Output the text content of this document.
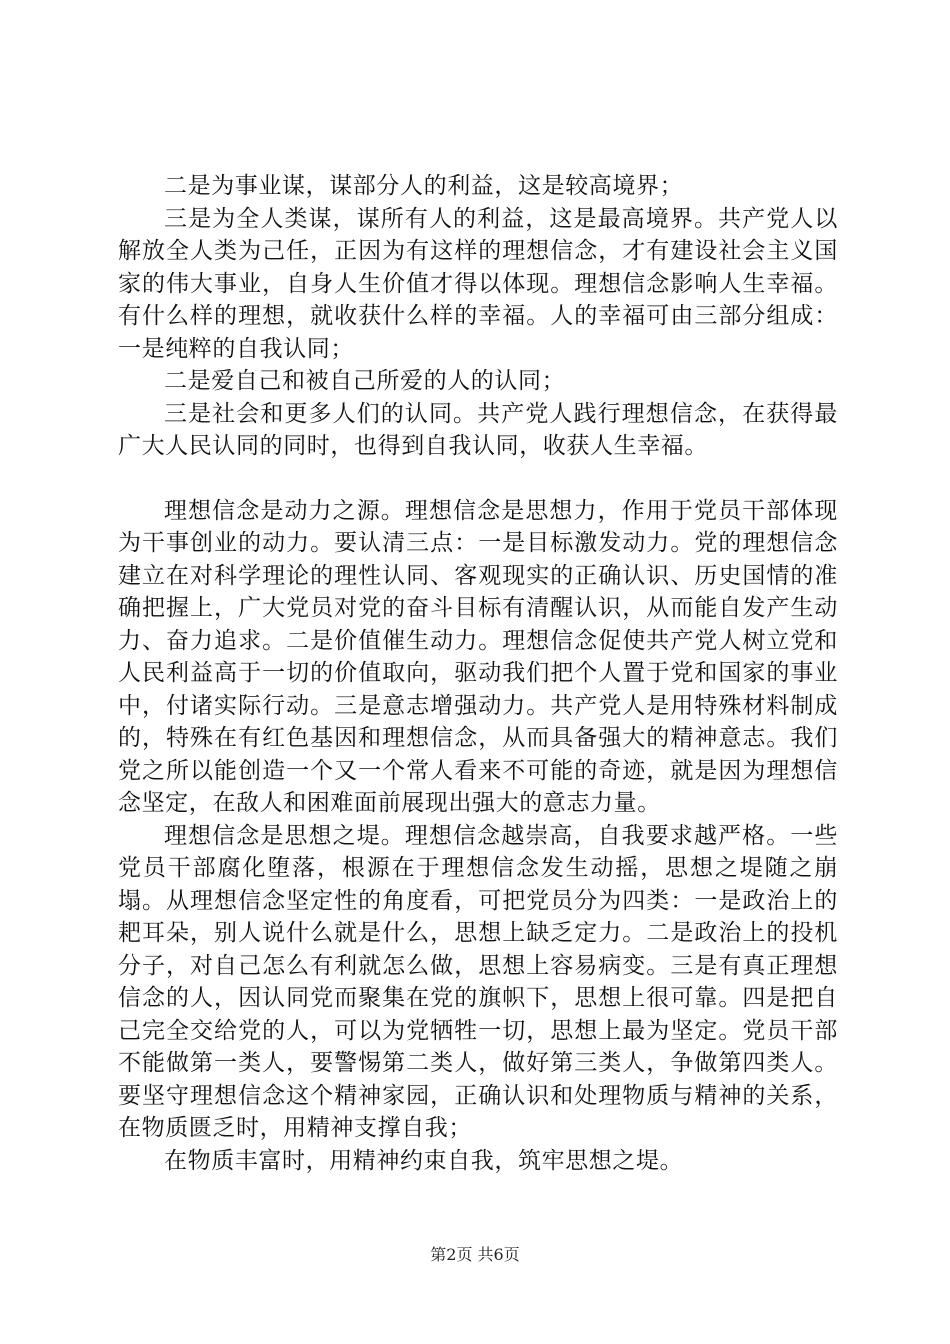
二是为事业谋，谋部分人的利益，这是较高境界；

三是为全人类谋，谋所有人的利益，这是最高境界。共产党人以解放全人类为己任，正因为有这样的理想信念，才有建设社会主义国家的伟大事业，自身人生价值才得以体现。理想信念影响人生幸福。有什么样的理想，就收获什么样的幸福。人的幸福可由三部分组成：一是纯粹的自我认同；

二是爱自己和被自己所爱的人的认同；

三是社会和更多人们的认同。共产党人践行理想信念，在获得最广大人民认同的同时，也得到自我认同，收获人生幸福。

理想信念是动力之源。理想信念是思想力，作用于党员干部体现为干事创业的动力。要认清三点：一是目标激发动力。党的理想信念建立在对科学理论的理性认同、客观现实的正确认识、历史国情的准确把握上，广大党员对党的奋斗目标有清醒认识，从而能自发产生动力、奋力追求。二是价值催生动力。理想信念促使共产党人树立党和人民利益高于一切的价值取向，驱动我们把个人置于党和国家的事业中，付诸实际行动。三是意志增强动力。共产党人是用特殊材料制成的，特殊在有红色基因和理想信念，从而具备强大的精神意志。我们党之所以能创造一个又一个常人看来不可能的奇迹，就是因为理想信念坚定，在敌人和困难面前展现出强大的意志力量。

理想信念是思想之堤。理想信念越崇高，自我要求越严格。一些党员干部腐化堕落，根源在于理想信念发生动摇，思想之堤随之崩塌。从理想信念坚定性的角度看，可把党员分为四类：一是政治上的耙耳朵，别人说什么就是什么，思想上缺乏定力。二是政治上的投机分子，对自己怎么有利就怎么做，思想上容易病变。三是有真正理想信念的人，因认同党而聚集在党的旗帜下，思想上很可靠。四是把自己完全交给党的人，可以为党牺牲一切，思想上最为坚定。党员干部不能做第一类人，要警惕第二类人，做好第三类人，争做第四类人。要坚守理想信念这个精神家园，正确认识和处理物质与精神的关系，在物质匮乏时，用精神支撑自我；

在物质丰富时，用精神约束自我，筑牢思想之堤。

第2页 共6页
